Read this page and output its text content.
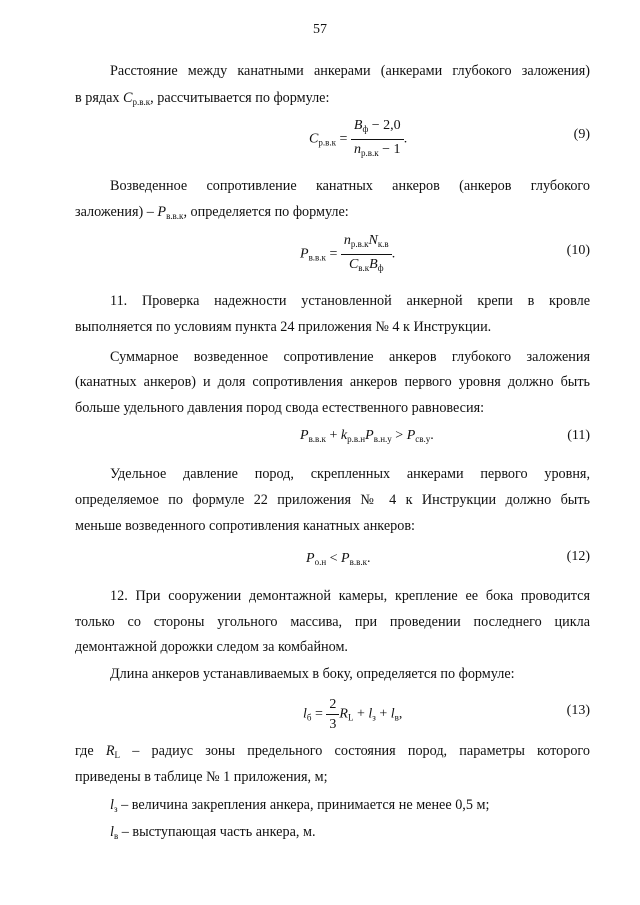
57
Расстояние между канатными анкерами (анкерами глубокого заложения)
в рядах $C_{р.в.к}$, рассчитывается по формуле:
$C_{р.в.к} = \frac{B_ф - 2,0}{n_{р.в.к} - 1}$ .	(9)
Возведенное сопротивление канатных анкеров (анкеров глубокого
заложения) – $P_{в.в.к}$, определяется по формуле:
$P_{в.в.к} = \frac{n_{р.в.к}N_{к.в}}{C_{в.к}B_ф}$ .	(10)
11. Проверка надежности установленной анкерной крепи в кровле
выполняется по условиям пункта 24 приложения № 4 к Инструкции.
Суммарное возведенное сопротивление анкеров глубокого заложения
(канатных анкеров) и доля сопротивления анкеров первого уровня должно быть
больше удельного давления пород свода естественного равновесия:
$P_{в.в.к} + k_{р.в.н}P_{в.н.у} > P_{св.у}$.	(11)
Удельное давление пород, скрепленных анкерами первого уровня,
определяемое по формуле 22 приложения № 4 к Инструкции должно быть
меньше возведенного сопротивления канатных анкеров:
$P_{о.н} < P_{в.в.к}$.	(12)
12. При сооружении демонтажной камеры, крепление ее бока проводится
только со стороны угольного массива, при проведении последнего цикла
демонтажной дорожки следом за комбайном.
Длина анкеров устанавливаемых в боку, определяется по формуле:
$l_б = \frac{2}{3} R_L + l_з + l_в$,	(13)
где $R_L$ – радиус зоны предельного состояния пород, параметры которого
приведены в таблице № 1 приложения, м;
$l_з$ – величина закрепления анкера, принимается не менее 0,5 м;
$l_в$ – выступающая часть анкера, м.
